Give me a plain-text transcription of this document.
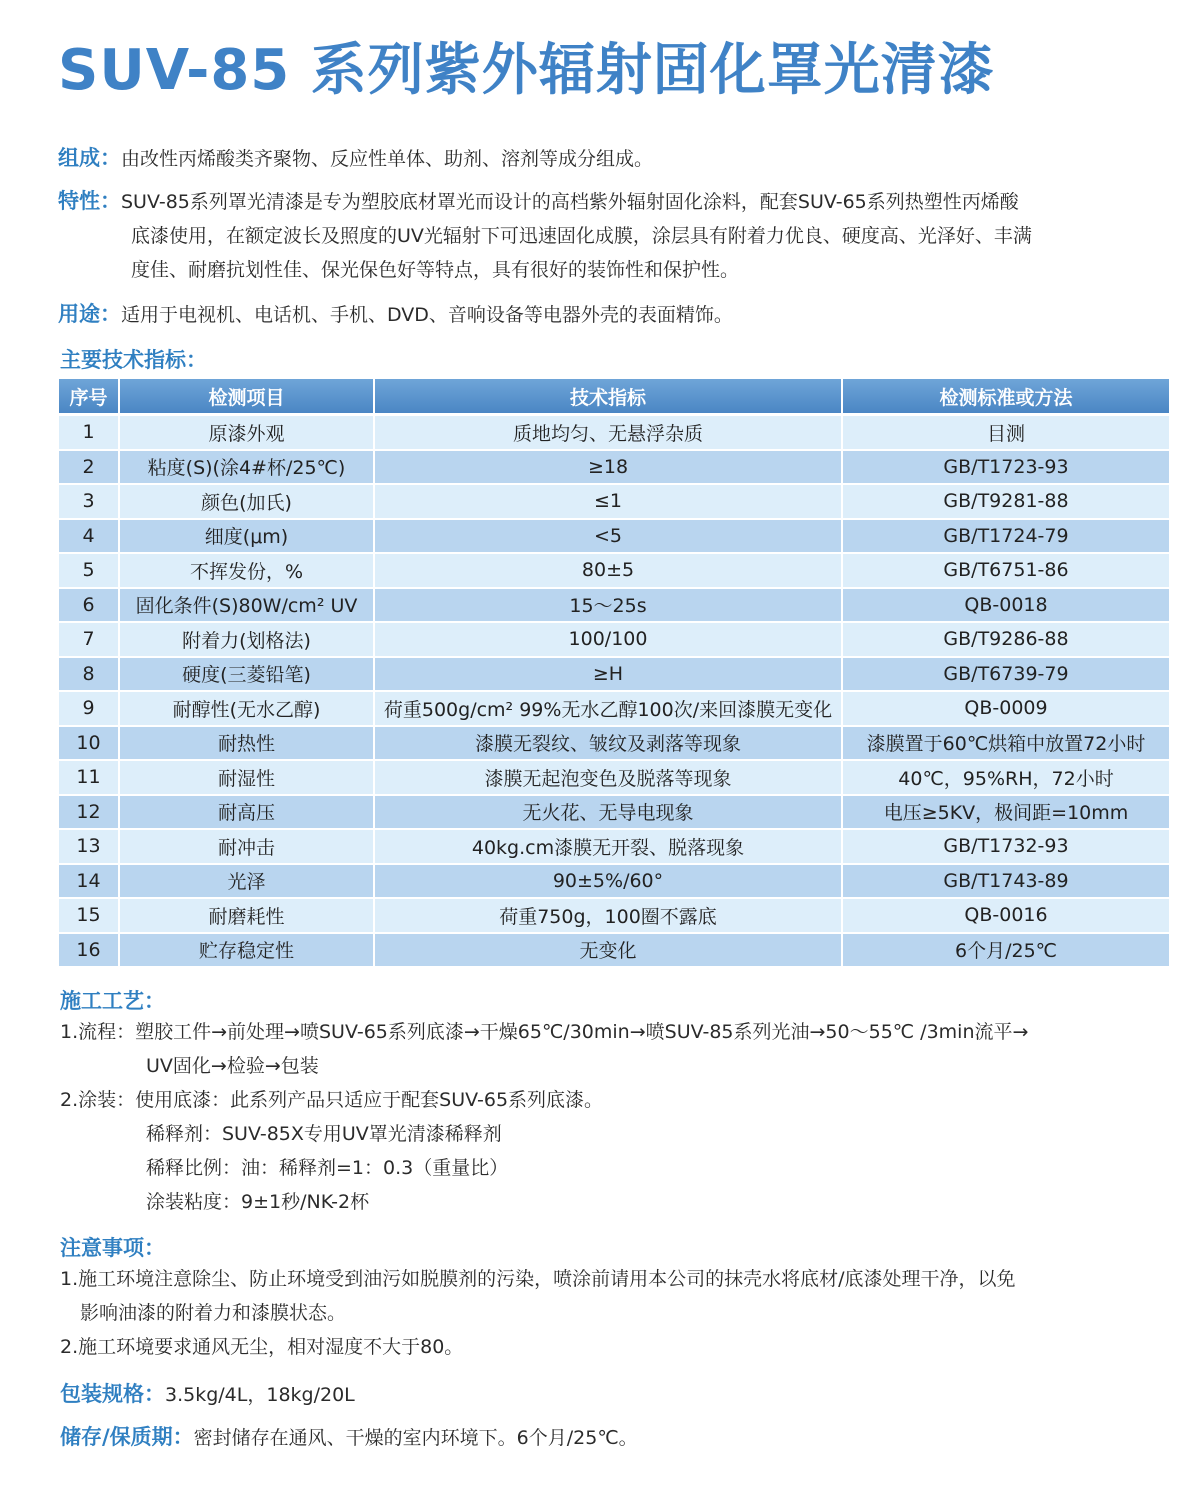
SUV-85 系列紫外辐射固化罩光清漆
组成：由改性丙烯酸类齐聚物、反应性单体、助剂、溶剂等成分组成。
特性：SUV-85系列罩光清漆是专为塑胶底材罩光而设计的高档紫外辐射固化涂料，配套SUV-65系列热塑性丙烯酸
底漆使用，在额定波长及照度的UV光辐射下可迅速固化成膜，涂层具有附着力优良、硬度高、光泽好、丰满
度佳、耐磨抗划性佳、保光保色好等特点，具有很好的装饰性和保护性。
用途：适用于电视机、电话机、手机、DVD、音响设备等电器外壳的表面精饰。
主要技术指标：
序号	检测项目	技术指标	检测标准或方法
1	原漆外观	质地均匀、无悬浮杂质	目测
2	粘度(S)(涂4#杯/25℃)	≥18	GB/T1723-93
3	颜色(加氏)	≤1	GB/T9281-88
4	细度(μm)	<5	GB/T1724-79
5	不挥发份，%	80±5	GB/T6751-86
6	固化条件(S)80W/cm² UV	15～25s	QB-0018
7	附着力(划格法)	100/100	GB/T9286-88
8	硬度(三菱铅笔)	≥H	GB/T6739-79
9	耐醇性(无水乙醇)	荷重500g/cm² 99%无水乙醇100次/来回漆膜无变化	QB-0009
10	耐热性	漆膜无裂纹、皱纹及剥落等现象	漆膜置于60℃烘箱中放置72小时
11	耐湿性	漆膜无起泡变色及脱落等现象	40℃，95%RH，72小时
12	耐高压	无火花、无导电现象	电压≥5KV，极间距=10mm
13	耐冲击	40kg.cm漆膜无开裂、脱落现象	GB/T1732-93
14	光泽	90±5%/60°	GB/T1743-89
15	耐磨耗性	荷重750g，100圈不露底	QB-0016
16	贮存稳定性	无变化	6个月/25℃
施工工艺：
1.流程：塑胶工件→前处理→喷SUV-65系列底漆→干燥65℃/30min→喷SUV-85系列光油→50～55℃ /3min流平→
UV固化→检验→包装
2.涂装：使用底漆：此系列产品只适应于配套SUV-65系列底漆。
稀释剂：SUV-85X专用UV罩光清漆稀释剂
稀释比例：油：稀释剂=1：0.3（重量比）
涂装粘度：9±1秒/NK-2杯
注意事项：
1.施工环境注意除尘、防止环境受到油污如脱膜剂的污染，喷涂前请用本公司的抹壳水将底材/底漆处理干净，以免
影响油漆的附着力和漆膜状态。
2.施工环境要求通风无尘，相对湿度不大于80。
包装规格：3.5kg/4L，18kg/20L
储存/保质期：密封储存在通风、干燥的室内环境下。6个月/25℃。
